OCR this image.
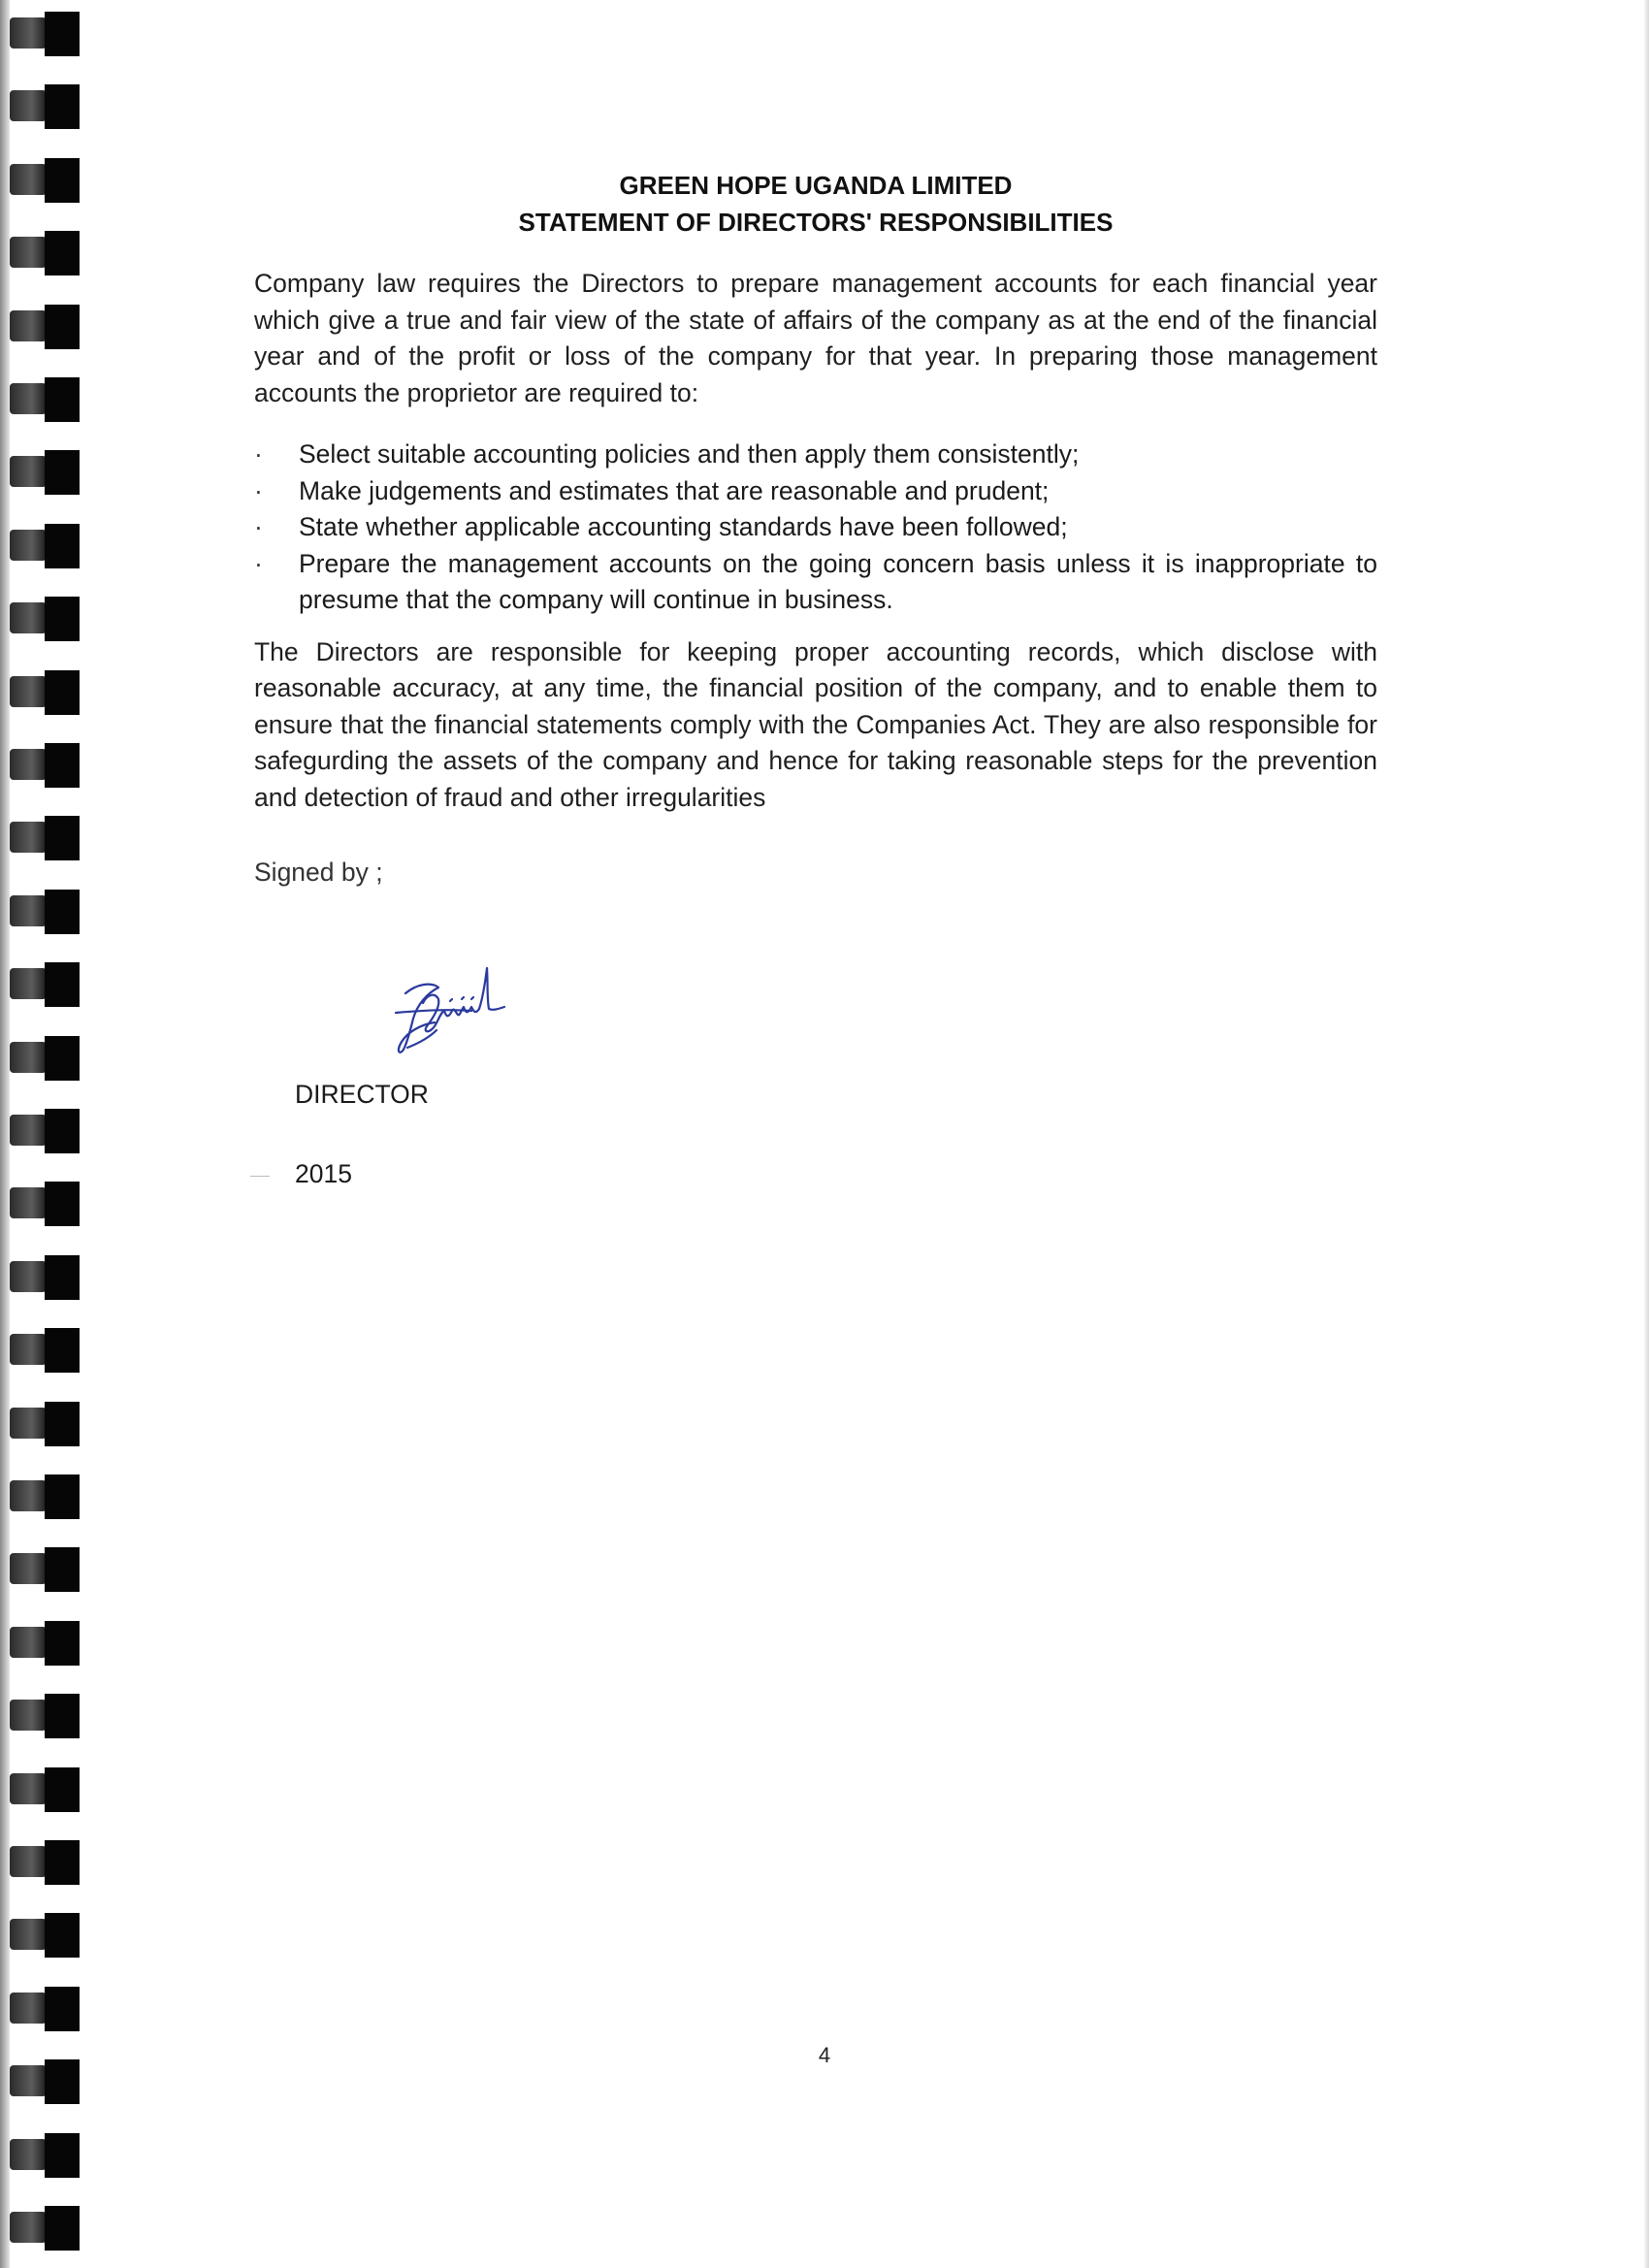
GREEN HOPE UGANDA LIMITED
STATEMENT OF DIRECTORS' RESPONSIBILITIES

Company law requires the Directors to prepare management accounts for each financial year which give a true and fair view of the state of affairs of the company as at the end of the financial year and of the profit or loss of the company for that year. In preparing those management accounts the proprietor are required to:

· Select suitable accounting policies and then apply them consistently;
· Make judgements and estimates that are reasonable and prudent;
· State whether applicable accounting standards have been followed;
· Prepare the management accounts on the going concern basis unless it is inappropriate to presume that the company will continue in business.

The Directors are responsible for keeping proper accounting records, which disclose with reasonable accuracy, at any time, the financial position of the company, and to enable them to ensure that the financial statements comply with the Companies Act. They are also responsible for safegurding the assets of the company and hence for taking reasonable steps for the prevention and detection of fraud and other irregularities

Signed by ;
DIRECTOR
2015
4
